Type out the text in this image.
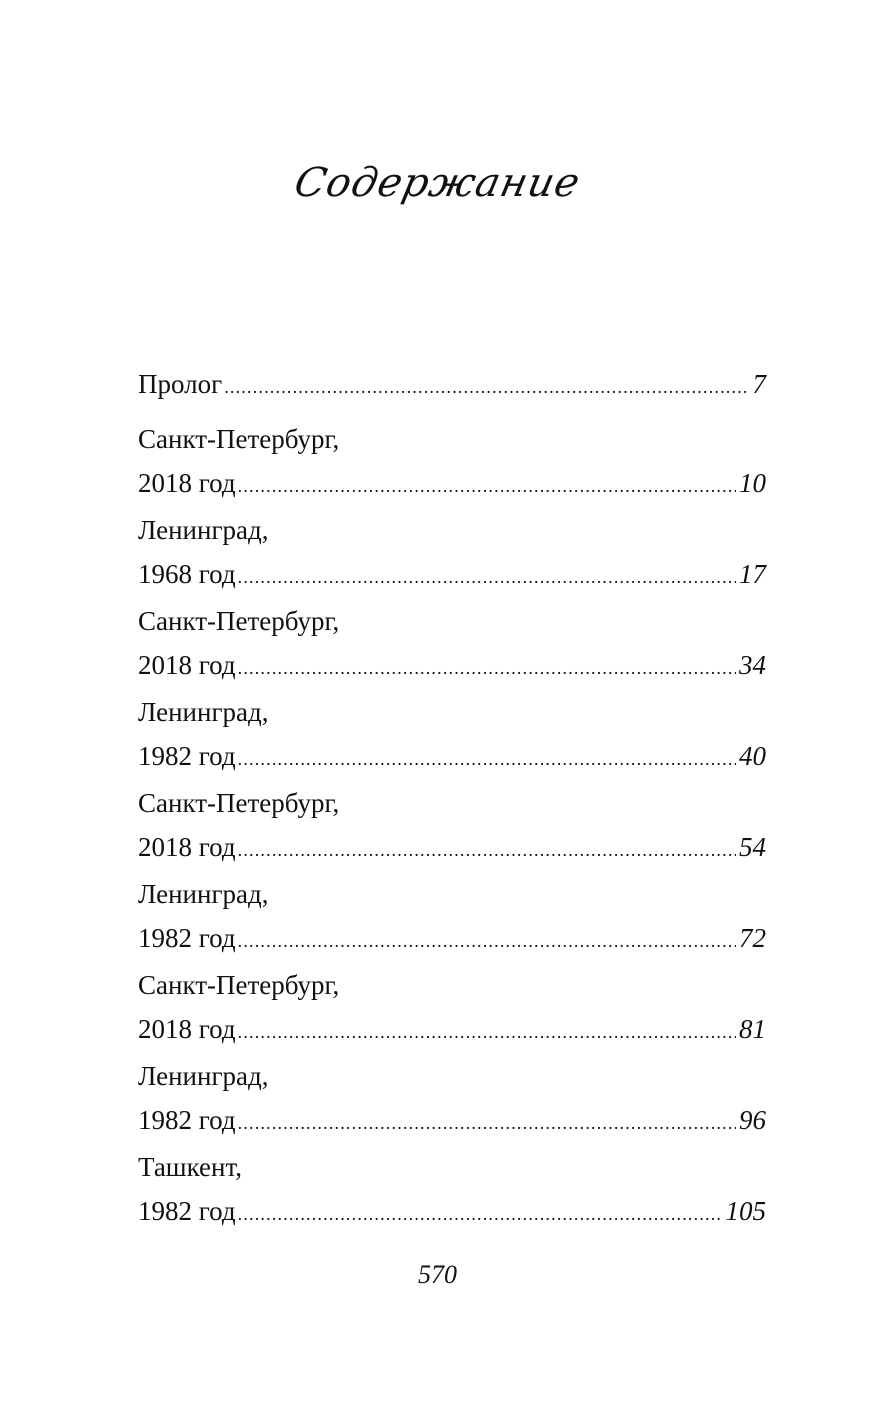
Содержание
Пролог .....	7
Санкт-Петербург,
2018 год .....	10
Ленинград,
1968 год .....	17
Санкт-Петербург,
2018 год .....	34
Ленинград,
1982 год .....	40
Санкт-Петербург,
2018 год .....	54
Ленинград,
1982 год .....	72
Санкт-Петербург,
2018 год .....	81
Ленинград,
1982 год .....	96
Ташкент,
1982 год .....	105
570
